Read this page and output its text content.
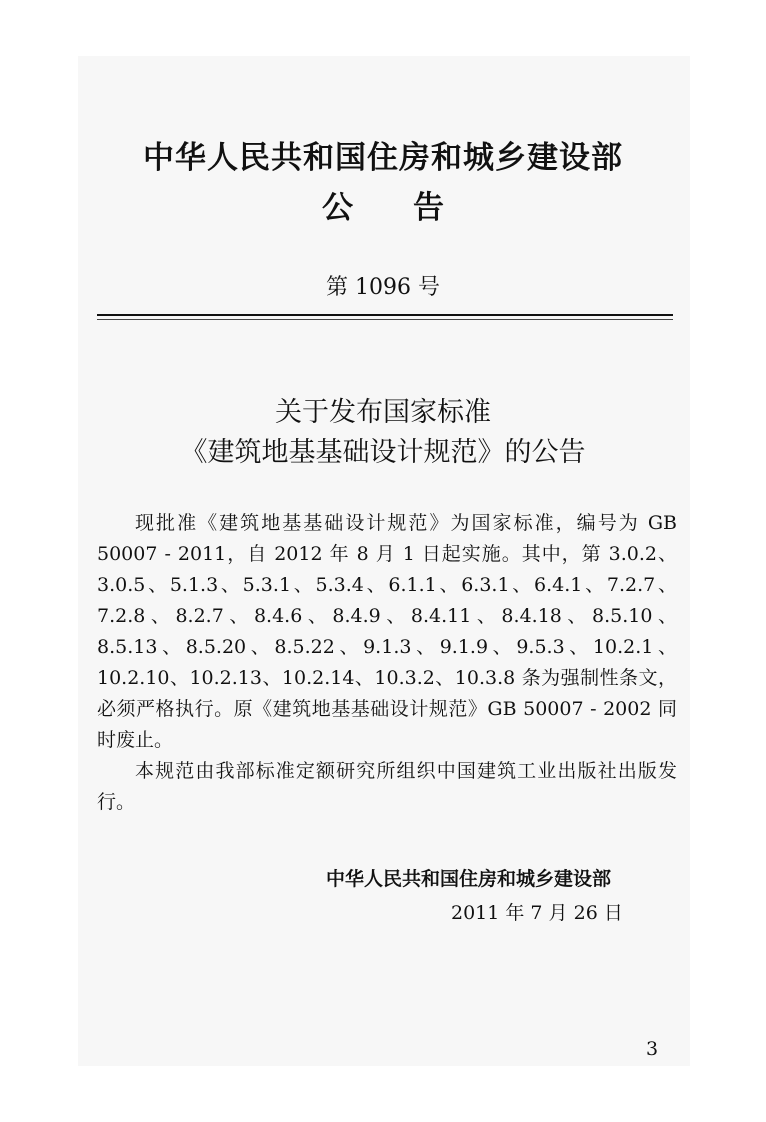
中华人民共和国住房和城乡建设部
公告
第 1096 号
关于发布国家标准
《建筑地基基础设计规范》的公告

现批准《建筑地基基础设计规范》为国家标准，编号为 GB 50007 - 2011，自 2012 年 8 月 1 日起实施。其中，第 3.0.2、3.0.5、5.1.3、5.3.1、5.3.4、6.1.1、6.3.1、6.4.1、7.2.7、7.2.8、8.2.7、8.4.6、8.4.9、8.4.11、8.4.18、8.5.10、8.5.13、8.5.20、8.5.22、9.1.3、9.1.9、9.5.3、10.2.1、10.2.10、10.2.13、10.2.14、10.3.2、10.3.8 条为强制性条文，必须严格执行。原《建筑地基基础设计规范》GB 50007 - 2002 同时废止。

本规范由我部标准定额研究所组织中国建筑工业出版社出版发行。

中华人民共和国住房和城乡建设部
2011 年 7 月 26 日
3
